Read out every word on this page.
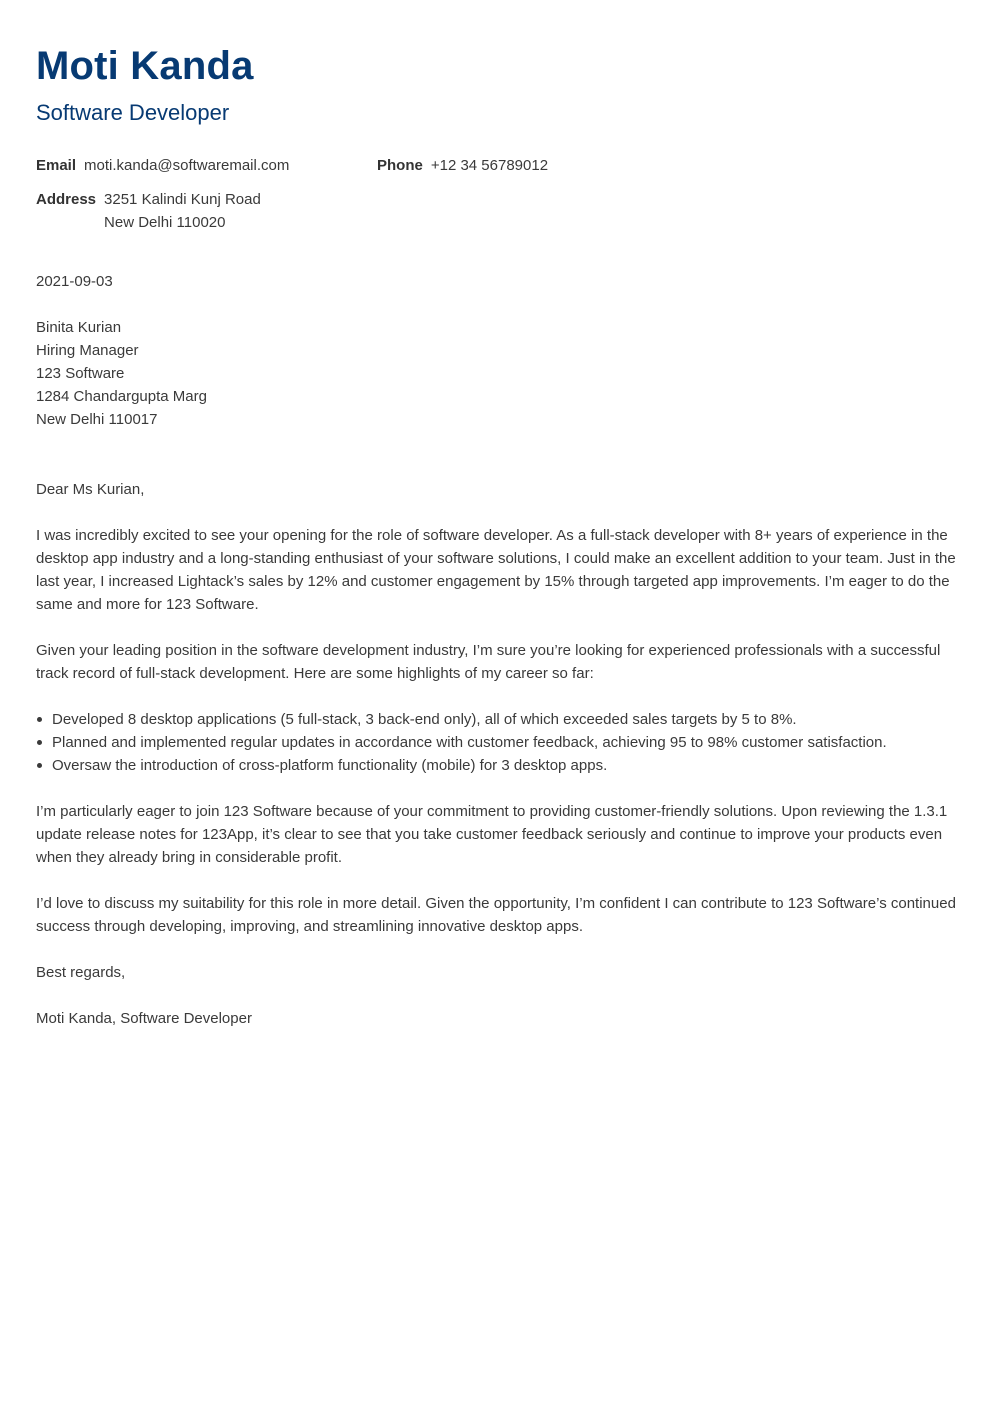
Moti Kanda
Software Developer
Email moti.kanda@softwaremail.com	Phone +12 34 56789012
Address 3251 Kalindi Kunj Road
New Delhi 110020
2021-09-03
Binita Kurian
Hiring Manager
123 Software
1284 Chandargupta Marg
New Delhi 110017

Dear Ms Kurian,

I was incredibly excited to see your opening for the role of software developer. As a full-stack developer with 8+ years of experience in the desktop app industry and a long-standing enthusiast of your software solutions, I could make an excellent addition to your team. Just in the last year, I increased Lightack’s sales by 12% and customer engagement by 15% through targeted app improvements. I’m eager to do the same and more for 123 Software.

Given your leading position in the software development industry, I’m sure you’re looking for experienced professionals with a successful track record of full-stack development. Here are some highlights of my career so far:

Developed 8 desktop applications (5 full-stack, 3 back-end only), all of which exceeded sales targets by 5 to 8%.
Planned and implemented regular updates in accordance with customer feedback, achieving 95 to 98% customer satisfaction.
Oversaw the introduction of cross-platform functionality (mobile) for 3 desktop apps.

I’m particularly eager to join 123 Software because of your commitment to providing customer-friendly solutions. Upon reviewing the 1.3.1 update release notes for 123App, it’s clear to see that you take customer feedback seriously and continue to improve your products even when they already bring in considerable profit.

I’d love to discuss my suitability for this role in more detail. Given the opportunity, I’m confident I can contribute to 123 Software’s continued success through developing, improving, and streamlining innovative desktop apps.

Best regards,

Moti Kanda, Software Developer
